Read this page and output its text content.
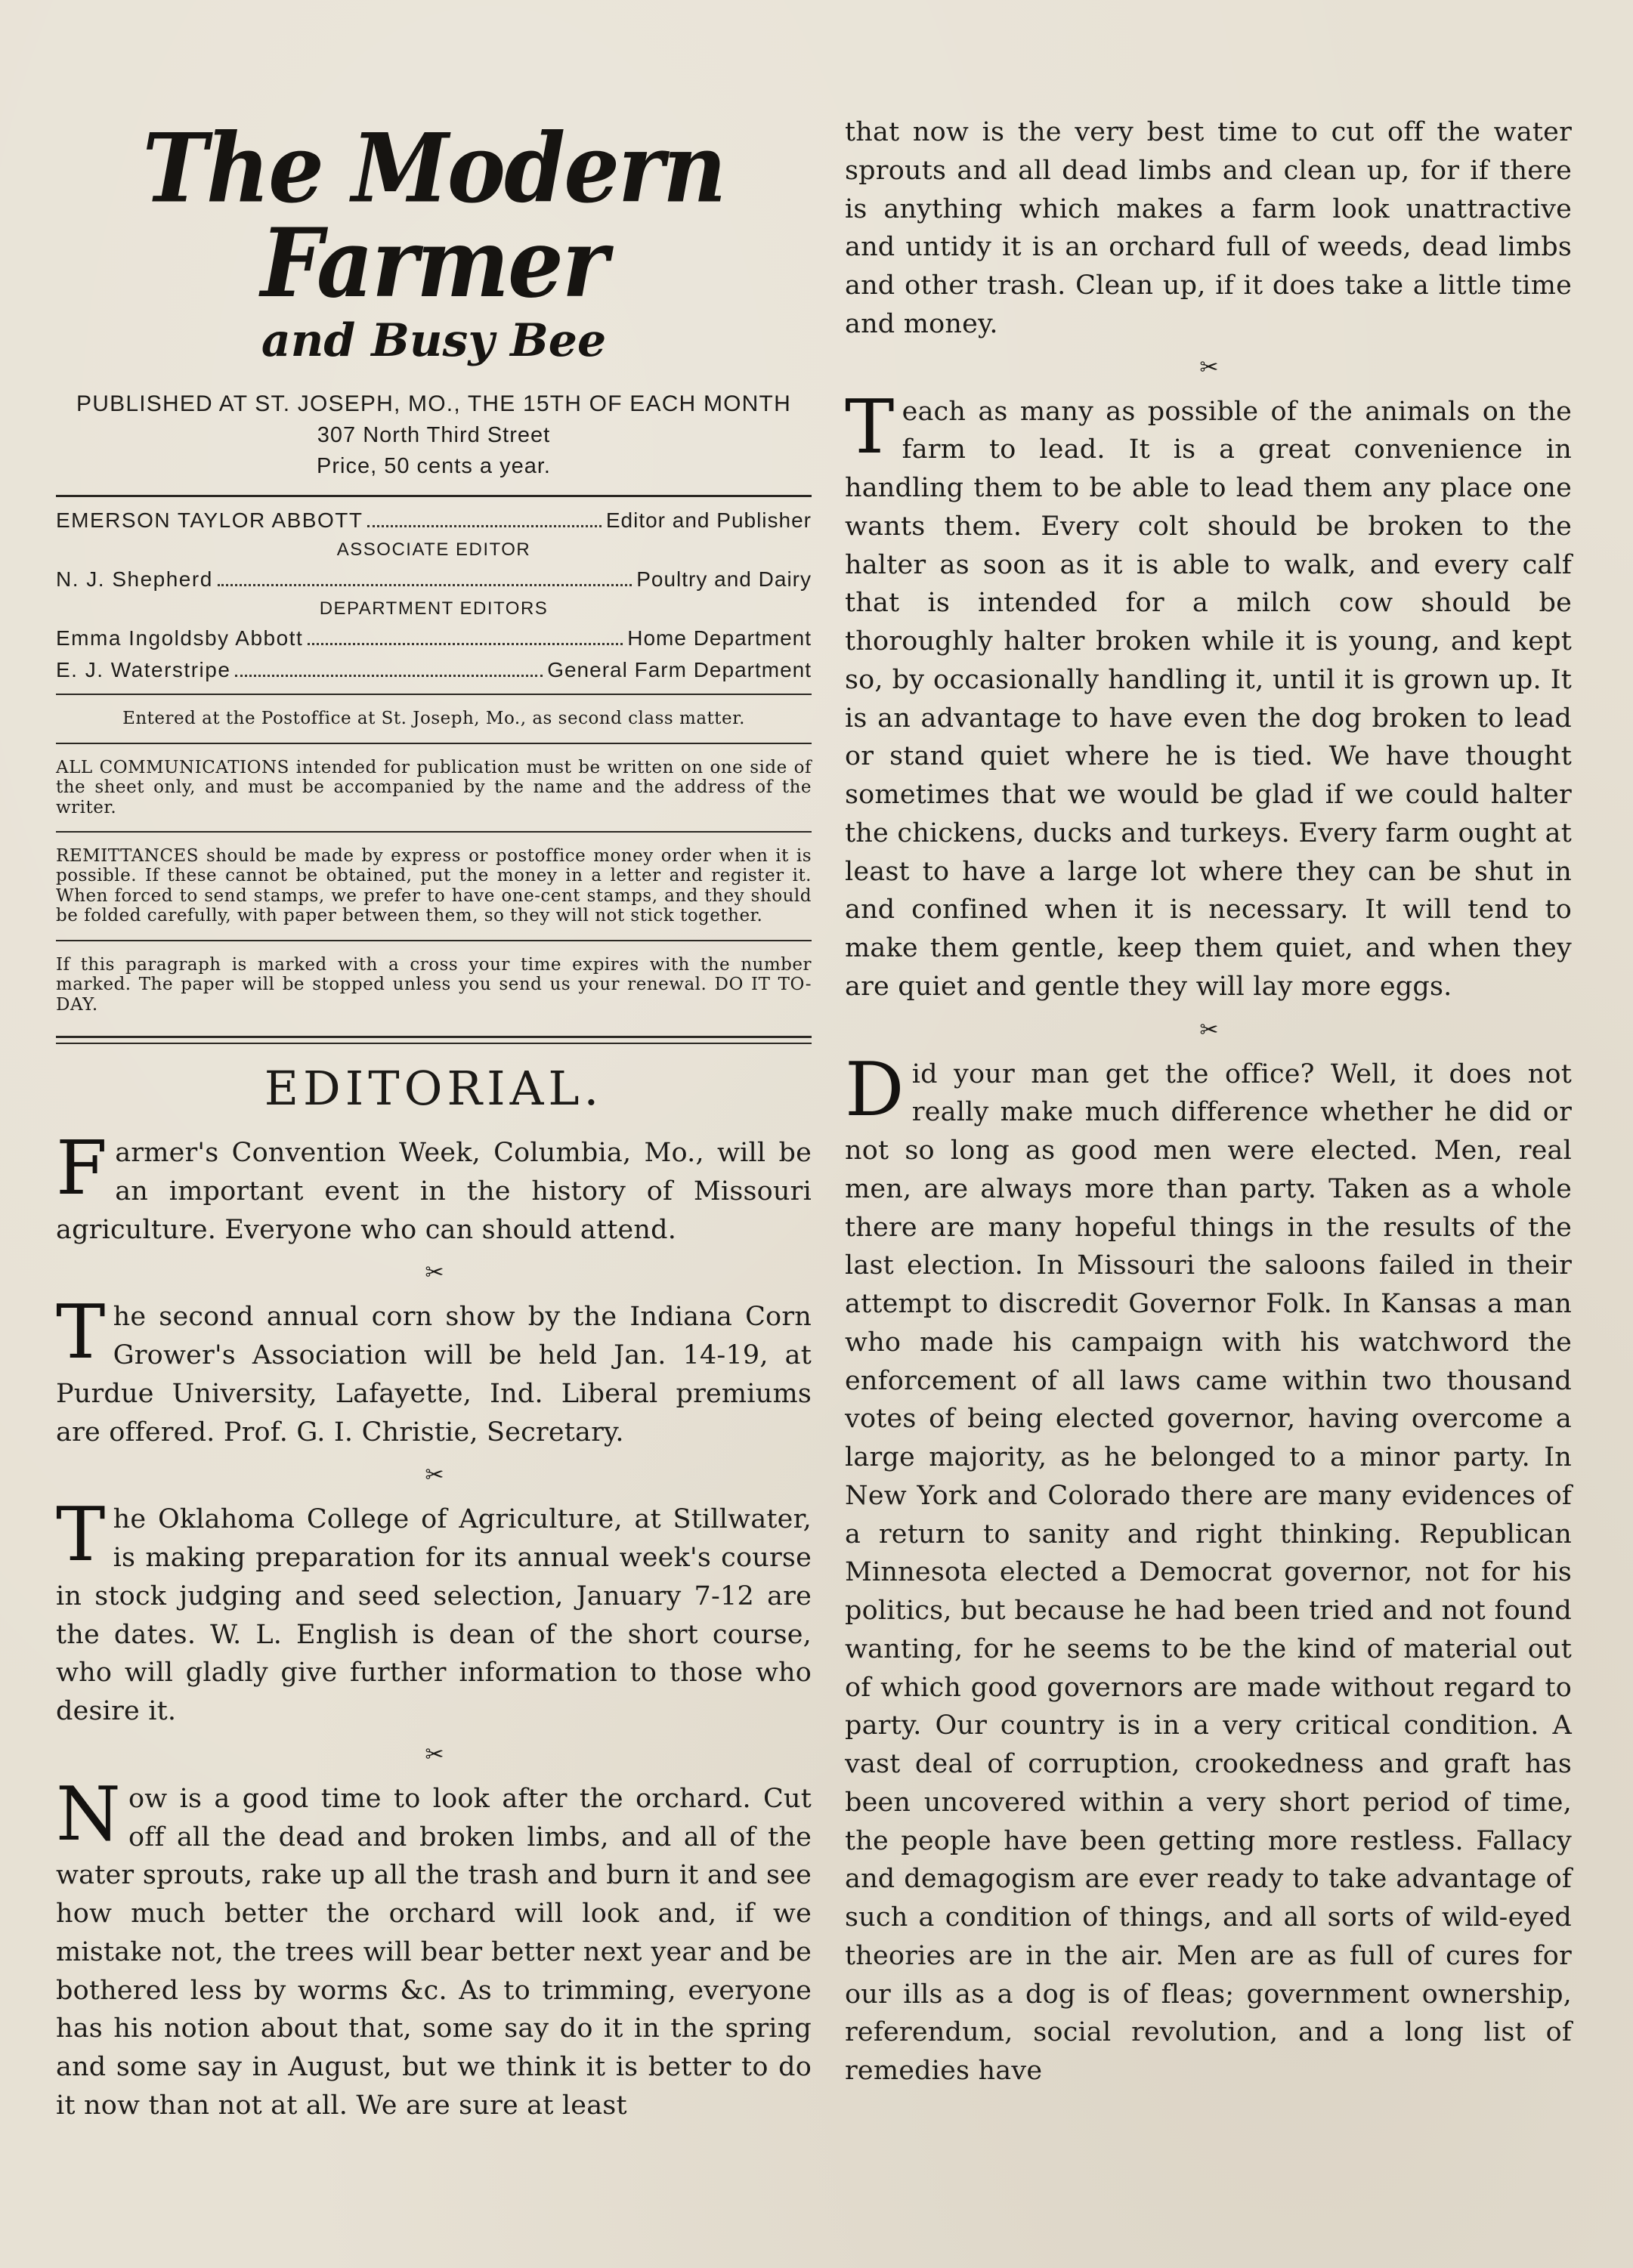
The Modern Farmer
and Busy Bee
PUBLISHED AT ST. JOSEPH, MO., THE 15TH OF EACH MONTH
307 North Third Street
Price, 50 cents a year.
EMERSON TAYLOR ABBOTT	Editor and Publisher
ASSOCIATE EDITOR
N. J. Shepherd	Poultry and Dairy
DEPARTMENT EDITORS
Emma Ingoldsby Abbott	Home Department
E. J. Waterstripe	General Farm Department
Entered at the Postoffice at St. Joseph, Mo., as second class matter.
ALL COMMUNICATIONS intended for publication must be written on one side of the sheet only, and must be accompanied by the name and the address of the writer.
REMITTANCES should be made by express or postoffice money order when it is possible. If these cannot be obtained, put the money in a letter and register it. When forced to send stamps, we prefer to have one-cent stamps, and they should be folded carefully, with paper between them, so they will not stick together.
If this paragraph is marked with a cross your time expires with the number marked. The paper will be stopped unless you send us your renewal. DO IT TO-DAY.
EDITORIAL.
Farmer's Convention Week, Columbia, Mo., will be an important event in the history of Missouri agriculture. Everyone who can should attend.
✂
The second annual corn show by the Indiana Corn Grower's Association will be held Jan. 14-19, at Purdue University, Lafayette, Ind. Liberal premiums are offered. Prof. G. I. Christie, Secretary.
✂
The Oklahoma College of Agriculture, at Stillwater, is making preparation for its annual week's course in stock judging and seed selection, January 7-12 are the dates. W. L. English is dean of the short course, who will gladly give further information to those who desire it.
✂
Now is a good time to look after the orchard. Cut off all the dead and broken limbs, and all of the water sprouts, rake up all the trash and burn it and see how much better the orchard will look and, if we mistake not, the trees will bear better next year and be bothered less by worms &c. As to trimming, everyone has his notion about that, some say do it in the spring and some say in August, but we think it is better to do it now than not at all. We are sure at least
that now is the very best time to cut off the water sprouts and all dead limbs and clean up, for if there is anything which makes a farm look unattractive and untidy it is an orchard full of weeds, dead limbs and other trash. Clean up, if it does take a little time and money.
✂
Teach as many as possible of the animals on the farm to lead. It is a great convenience in handling them to be able to lead them any place one wants them. Every colt should be broken to the halter as soon as it is able to walk, and every calf that is intended for a milch cow should be thoroughly halter broken while it is young, and kept so, by occasionally handling it, until it is grown up. It is an advantage to have even the dog broken to lead or stand quiet where he is tied. We have thought sometimes that we would be glad if we could halter the chickens, ducks and turkeys. Every farm ought at least to have a large lot where they can be shut in and confined when it is necessary. It will tend to make them gentle, keep them quiet, and when they are quiet and gentle they will lay more eggs.
✂
Did your man get the office? Well, it does not really make much difference whether he did or not so long as good men were elected. Men, real men, are always more than party. Taken as a whole there are many hopeful things in the results of the last election. In Missouri the saloons failed in their attempt to discredit Governor Folk. In Kansas a man who made his campaign with his watchword the enforcement of all laws came within two thousand votes of being elected governor, having overcome a large majority, as he belonged to a minor party. In New York and Colorado there are many evidences of a return to sanity and right thinking. Republican Minnesota elected a Democrat governor, not for his politics, but because he had been tried and not found wanting, for he seems to be the kind of material out of which good governors are made without regard to party. Our country is in a very critical condition. A vast deal of corruption, crookedness and graft has been uncovered within a very short period of time, the people have been getting more restless. Fallacy and demagogism are ever ready to take advantage of such a condition of things, and all sorts of wild-eyed theories are in the air. Men are as full of cures for our ills as a dog is of fleas; government ownership, referendum, social revolution, and a long list of remedies have
